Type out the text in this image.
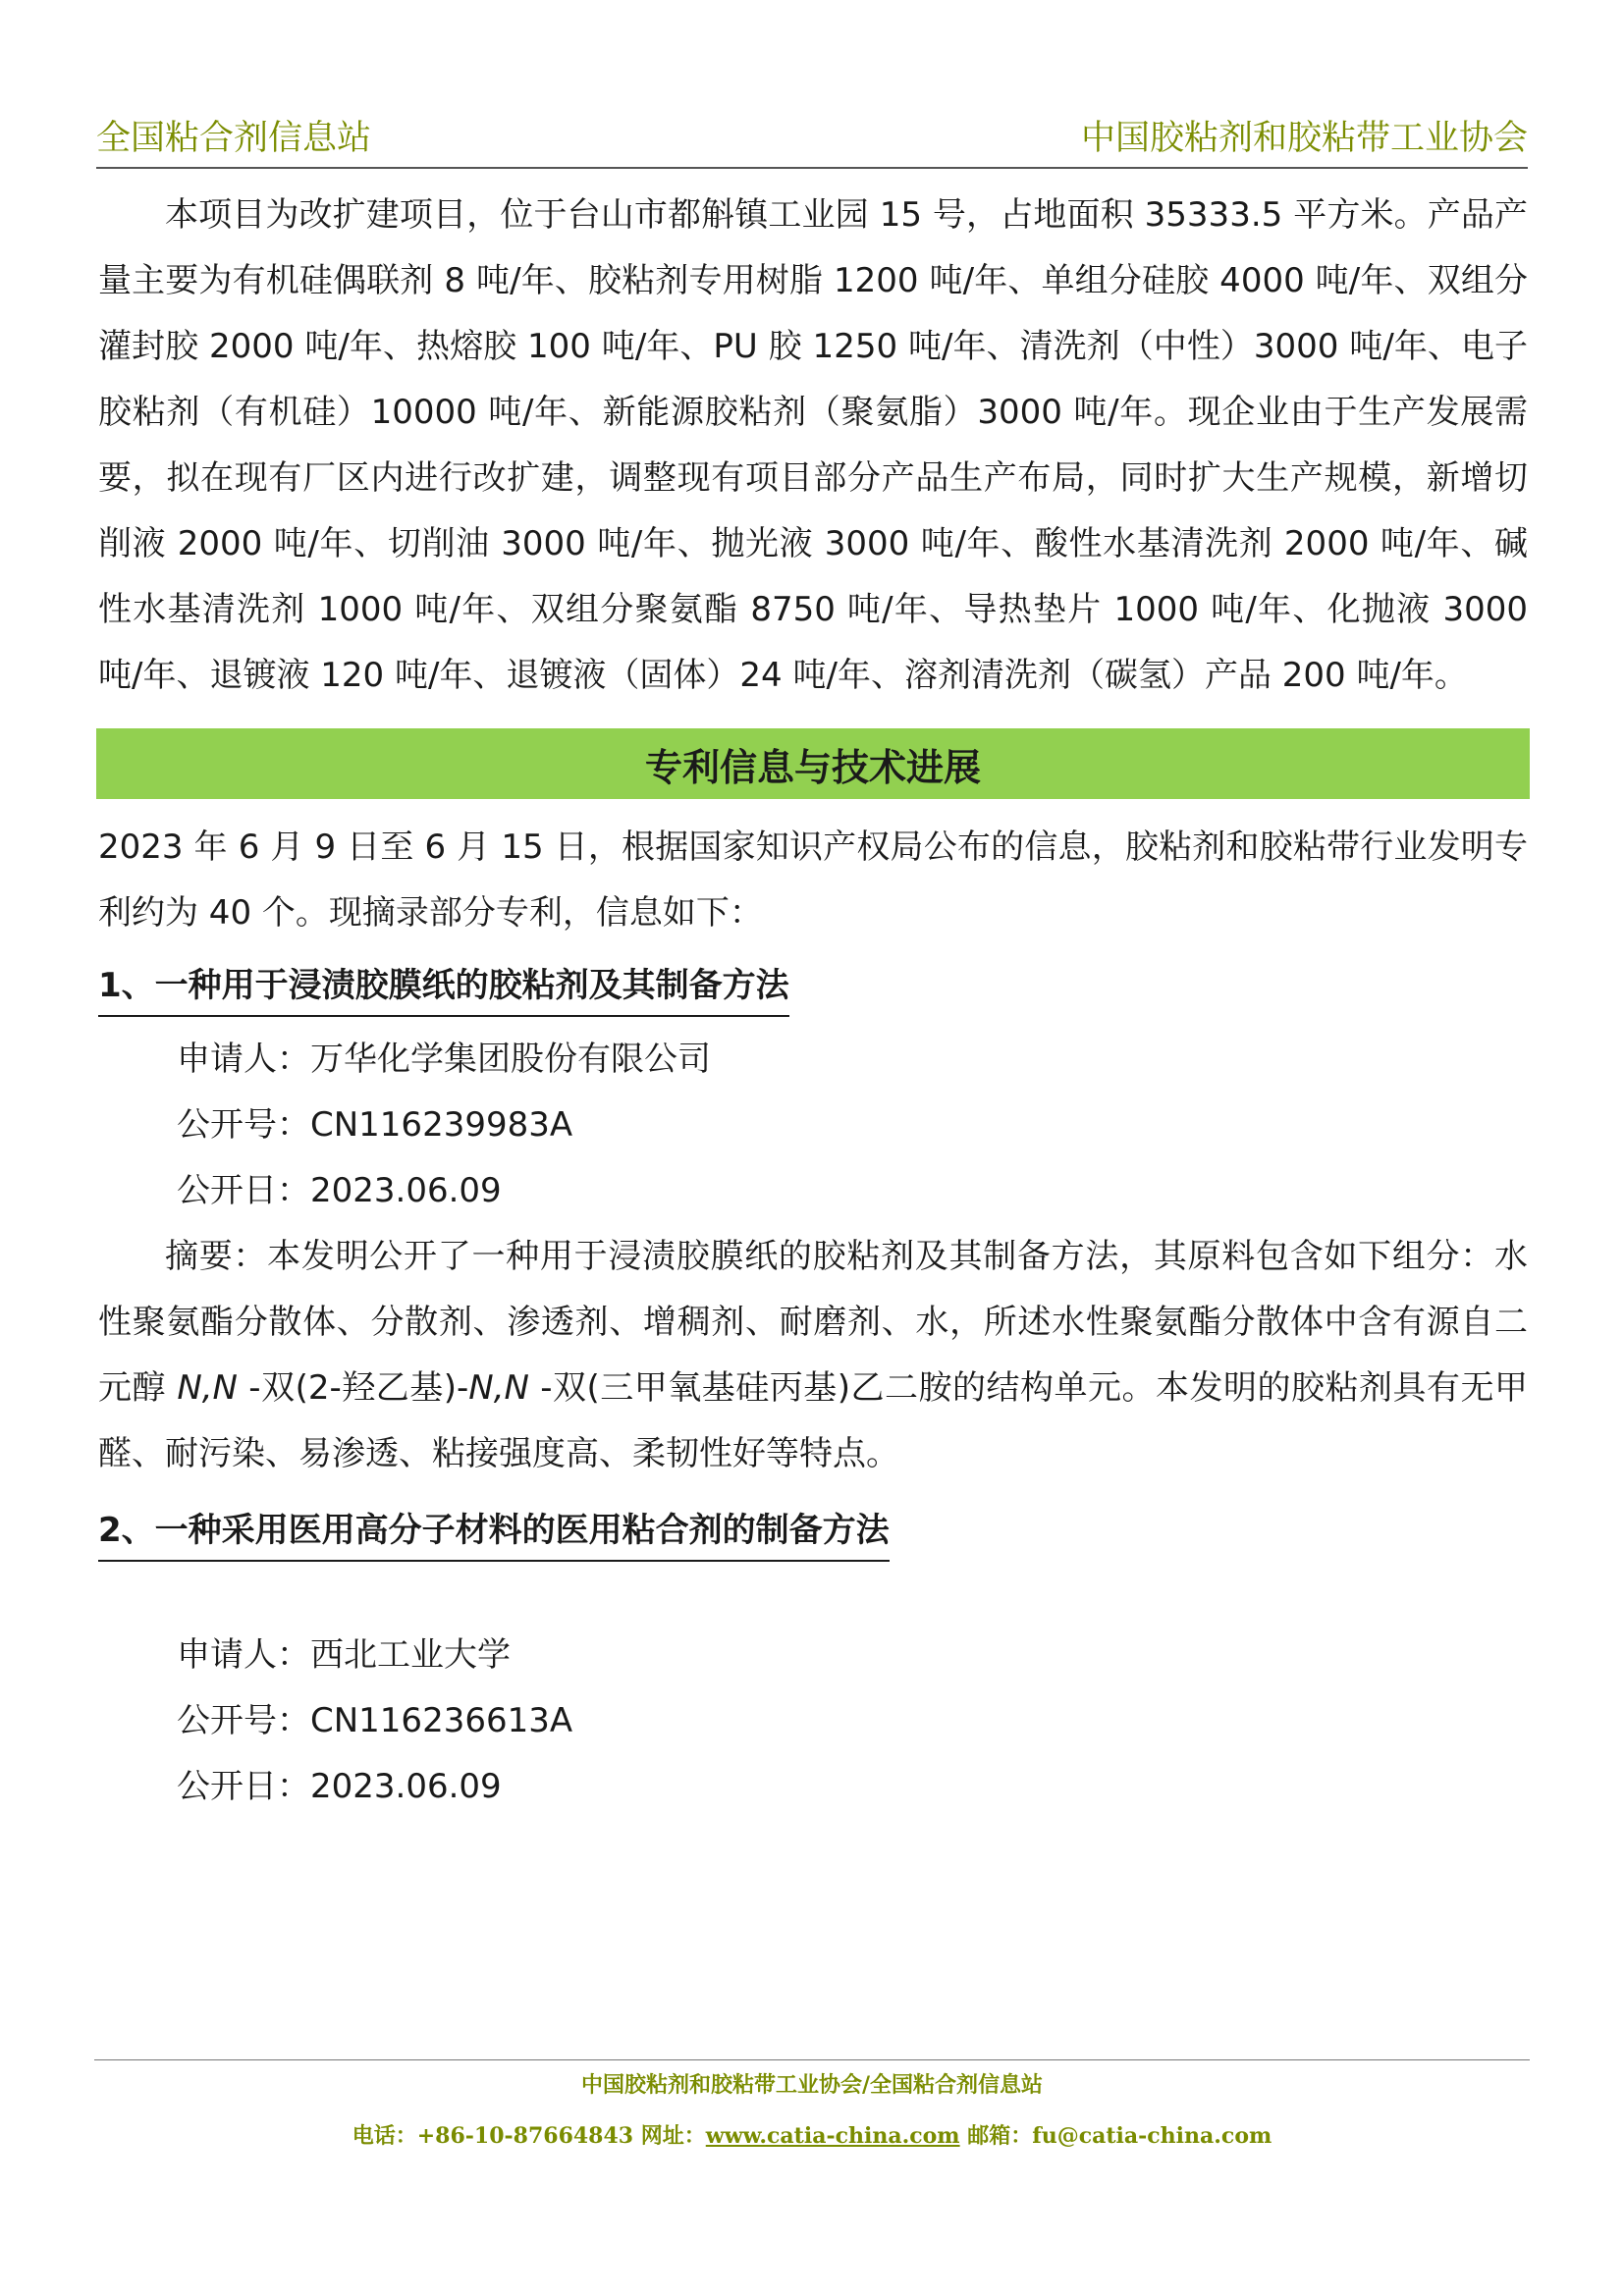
全国粘合剂信息站	中国胶粘剂和胶粘带工业协会

本项目为改扩建项目，位于台山市都斛镇工业园 15 号，占地面积 35333.5 平方米。产品产量主要为有机硅偶联剂 8 吨/年、胶粘剂专用树脂 1200 吨/年、单组分硅胶 4000 吨/年、双组分灌封胶 2000 吨/年、热熔胶 100 吨/年、PU 胶 1250 吨/年、清洗剂（中性）3000 吨/年、电子胶粘剂（有机硅）10000 吨/年、新能源胶粘剂（聚氨脂）3000 吨/年。现企业由于生产发展需要，拟在现有厂区内进行改扩建，调整现有项目部分产品生产布局，同时扩大生产规模，新增切削液 2000 吨/年、切削油 3000 吨/年、抛光液 3000 吨/年、酸性水基清洗剂 2000 吨/年、碱性水基清洗剂 1000 吨/年、双组分聚氨酯 8750 吨/年、导热垫片 1000 吨/年、化抛液 3000 吨/年、退镀液 120 吨/年、退镀液（固体）24 吨/年、溶剂清洗剂（碳氢）产品 200 吨/年。

专利信息与技术进展

2023 年 6 月 9 日至 6 月 15 日，根据国家知识产权局公布的信息，胶粘剂和胶粘带行业发明专利约为 40 个。现摘录部分专利，信息如下：

1、一种用于浸渍胶膜纸的胶粘剂及其制备方法

申请人：万华化学集团股份有限公司
公开号：CN116239983A
公开日：2023.06.09

摘要：本发明公开了一种用于浸渍胶膜纸的胶粘剂及其制备方法，其原料包含如下组分：水性聚氨酯分散体、分散剂、渗透剂、增稠剂、耐磨剂、水，所述水性聚氨酯分散体中含有源自二元醇 N,N -双(2-羟乙基)-N,N -双(三甲氧基硅丙基)乙二胺的结构单元。本发明的胶粘剂具有无甲醛、耐污染、易渗透、粘接强度高、柔韧性好等特点。

2、一种采用医用高分子材料的医用粘合剂的制备方法

申请人：西北工业大学
公开号：CN116236613A
公开日：2023.06.09
中国胶粘剂和胶粘带工业协会/全国粘合剂信息站
电话：+86-10-87664843 网址：www.catia-china.com 邮箱：fu@catia-china.com
